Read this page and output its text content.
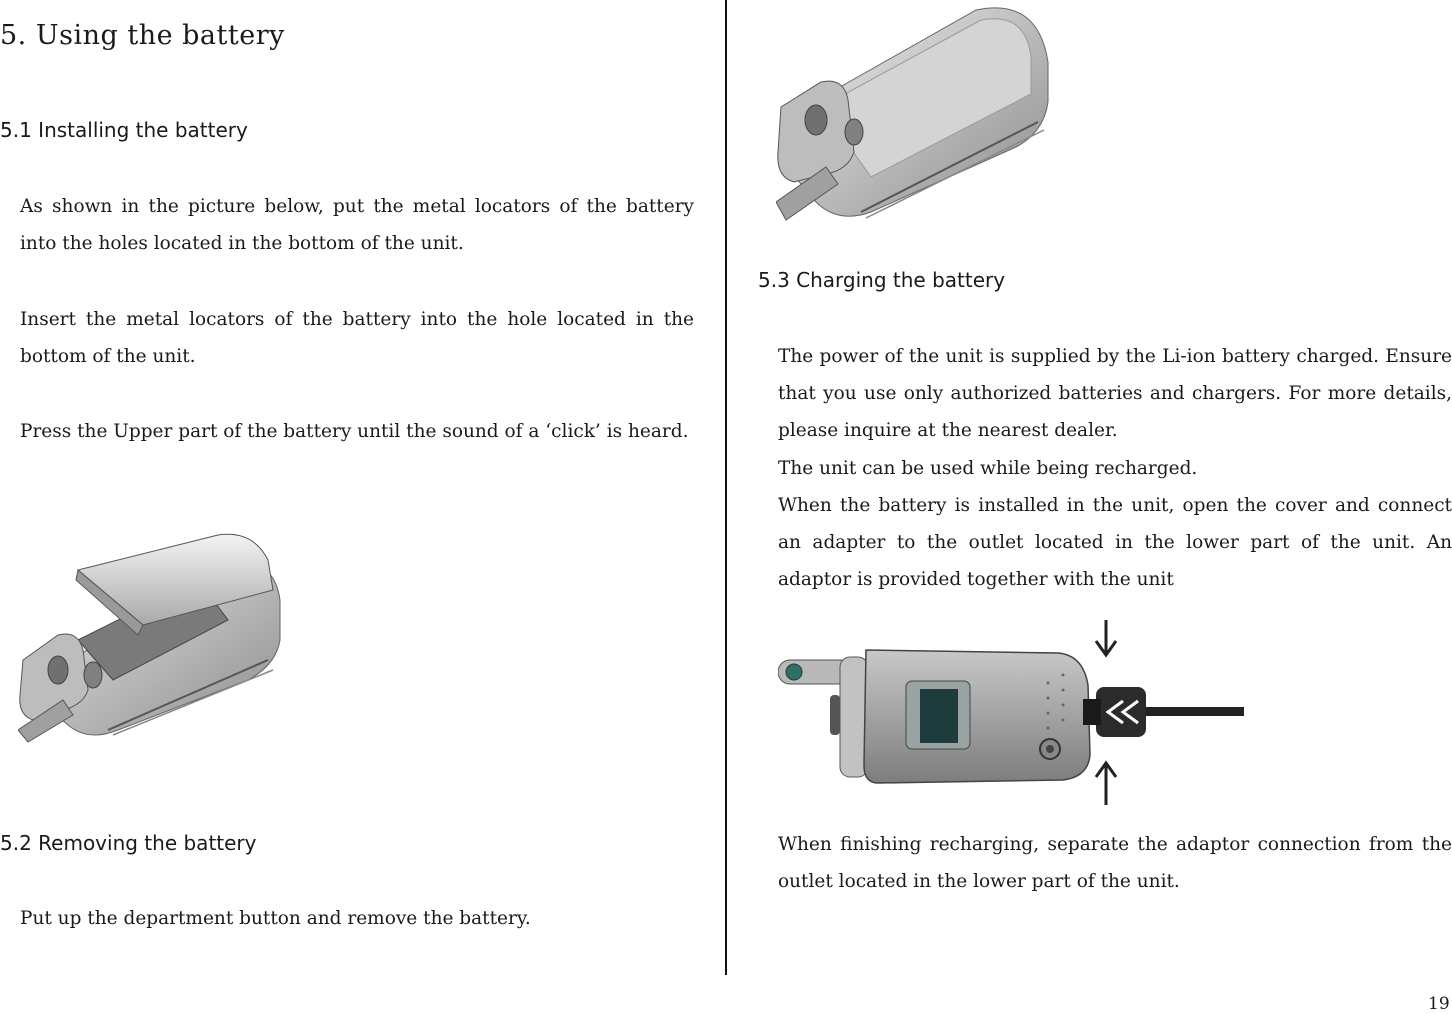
5. Using the battery
5.1 Installing the battery
As shown in the picture below, put the metal locators of the battery into the holes located in the bottom of the unit.
Insert the metal locators of the battery into the hole located in the bottom of the unit.
Press the Upper part of the battery until the sound of a ‘click’ is heard.
5.2 Removing the battery
Put up the department button and remove the battery.
5.3 Charging the battery
The power of the unit is supplied by the Li-ion battery charged. Ensure that you use only authorized batteries and chargers. For more details, please inquire at the nearest dealer.
The unit can be used while being recharged.
When the battery is installed in the unit, open the cover and connect an adapter to the outlet located in the lower part of the unit. An adaptor is provided together with the unit
When finishing recharging, separate the adaptor connection from the outlet located in the lower part of the unit.
19
